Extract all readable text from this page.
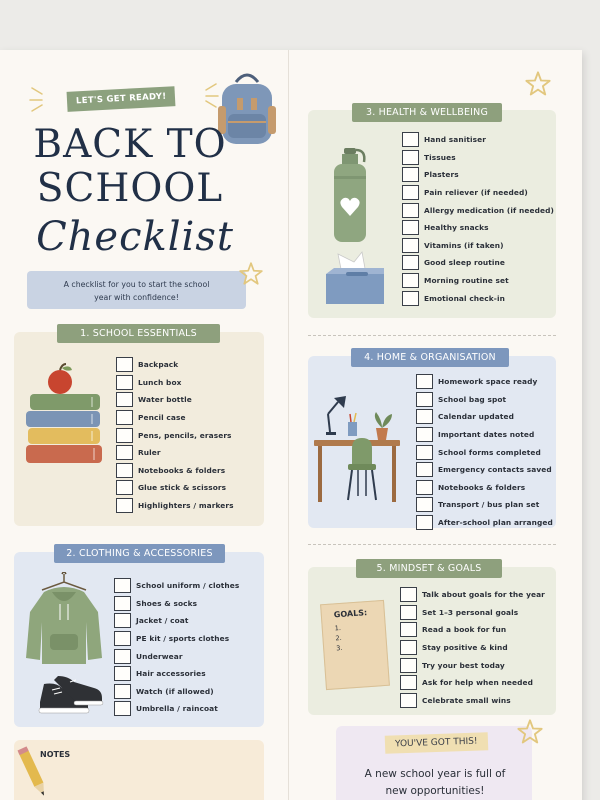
LET'S GET READY!
BACK TO
SCHOOL
Checklist
A checklist for you to start the school
year with confidence!
1. SCHOOL ESSENTIALS
Backpack
Lunch box
Water bottle
Pencil case
Pens, pencils, erasers
Ruler
Notebooks & folders
Glue stick & scissors
Highlighters / markers
2. CLOTHING & ACCESSORIES
School uniform / clothes
Shoes & socks
Jacket / coat
PE kit / sports clothes
Underwear
Hair accessories
Watch (if allowed)
Umbrella / raincoat
NOTES
3. HEALTH & WELLBEING
Hand sanitiser
Tissues
Plasters
Pain reliever (if needed)
Allergy medication (if needed)
Healthy snacks
Vitamins (if taken)
Good sleep routine
Morning routine set
Emotional check-in
4. HOME & ORGANISATION
Homework space ready
School bag spot
Calendar updated
Important dates noted
School forms completed
Emergency contacts saved
Notebooks & folders
Transport / bus plan set
After-school plan arranged
5. MINDSET & GOALS
GOALS:
1.
2.
3.
Talk about goals for the year
Set 1–3 personal goals
Read a book for fun
Stay positive & kind
Try your best today
Ask for help when needed
Celebrate small wins
YOU'VE GOT THIS!
A new school year is full of
new opportunities!
